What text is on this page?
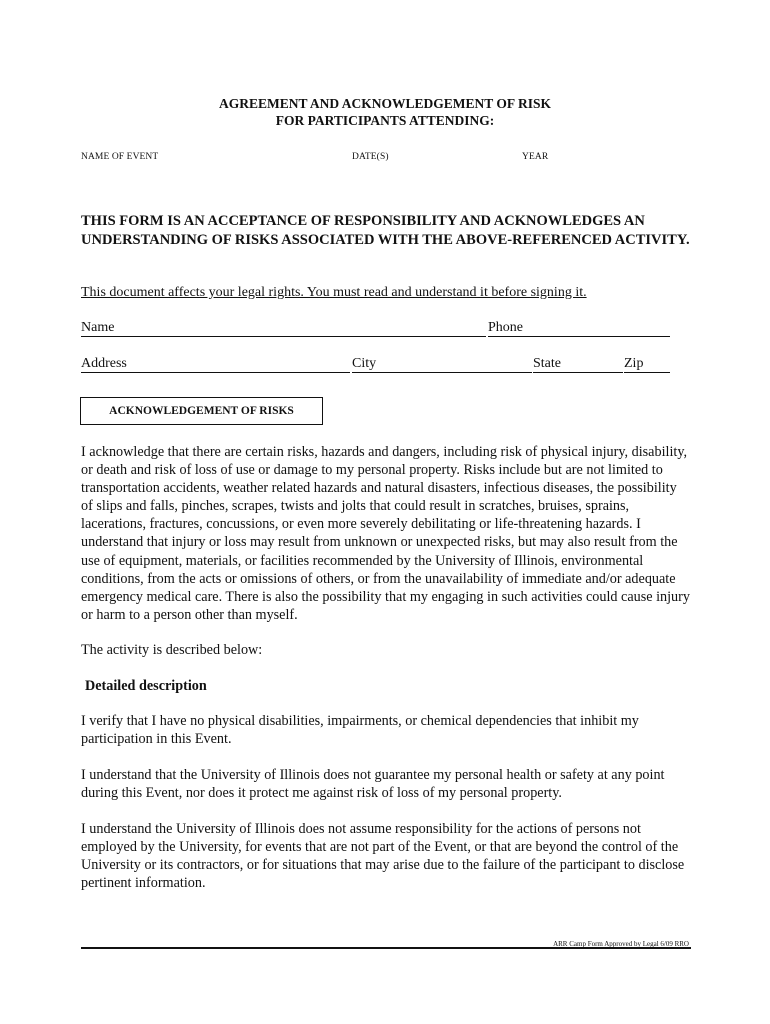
AGREEMENT AND ACKNOWLEDGEMENT OF RISK
FOR PARTICIPANTS ATTENDING:
NAME OF EVENT	DATE(S)	YEAR
THIS FORM IS AN ACCEPTANCE OF RESPONSIBILITY AND ACKNOWLEDGES AN UNDERSTANDING OF RISKS ASSOCIATED WITH THE ABOVE-REFERENCED ACTIVITY.
This document affects your legal rights. You must read and understand it before signing it.
Name	Phone
Address	City	State	Zip
ACKNOWLEDGEMENT OF RISKS
I acknowledge that there are certain risks, hazards and dangers, including risk of physical injury, disability, or death and risk of loss of use or damage to my personal property. Risks include but are not limited to transportation accidents, weather related hazards and natural disasters, infectious diseases, the possibility of slips and falls, pinches, scrapes, twists and jolts that could result in scratches, bruises, sprains, lacerations, fractures, concussions, or even more severely debilitating or life-threatening hazards. I understand that injury or loss may result from unknown or unexpected risks, but may also result from the use of equipment, materials, or facilities recommended by the University of Illinois, environmental conditions, from the acts or omissions of others, or from the unavailability of immediate and/or adequate emergency medical care. There is also the possibility that my engaging in such activities could cause injury or harm to a person other than myself.
The activity is described below:
Detailed description
I verify that I have no physical disabilities, impairments, or chemical dependencies that inhibit my participation in this Event.
I understand that the University of Illinois does not guarantee my personal health or safety at any point during this Event, nor does it protect me against risk of loss of my personal property.
I understand the University of Illinois does not assume responsibility for the actions of persons not employed by the University, for events that are not part of the Event, or that are beyond the control of the University or its contractors, or for situations that may arise due to the failure of the participant to disclose pertinent information.
ARR Camp Form Approved by Legal 6/09 RRO
